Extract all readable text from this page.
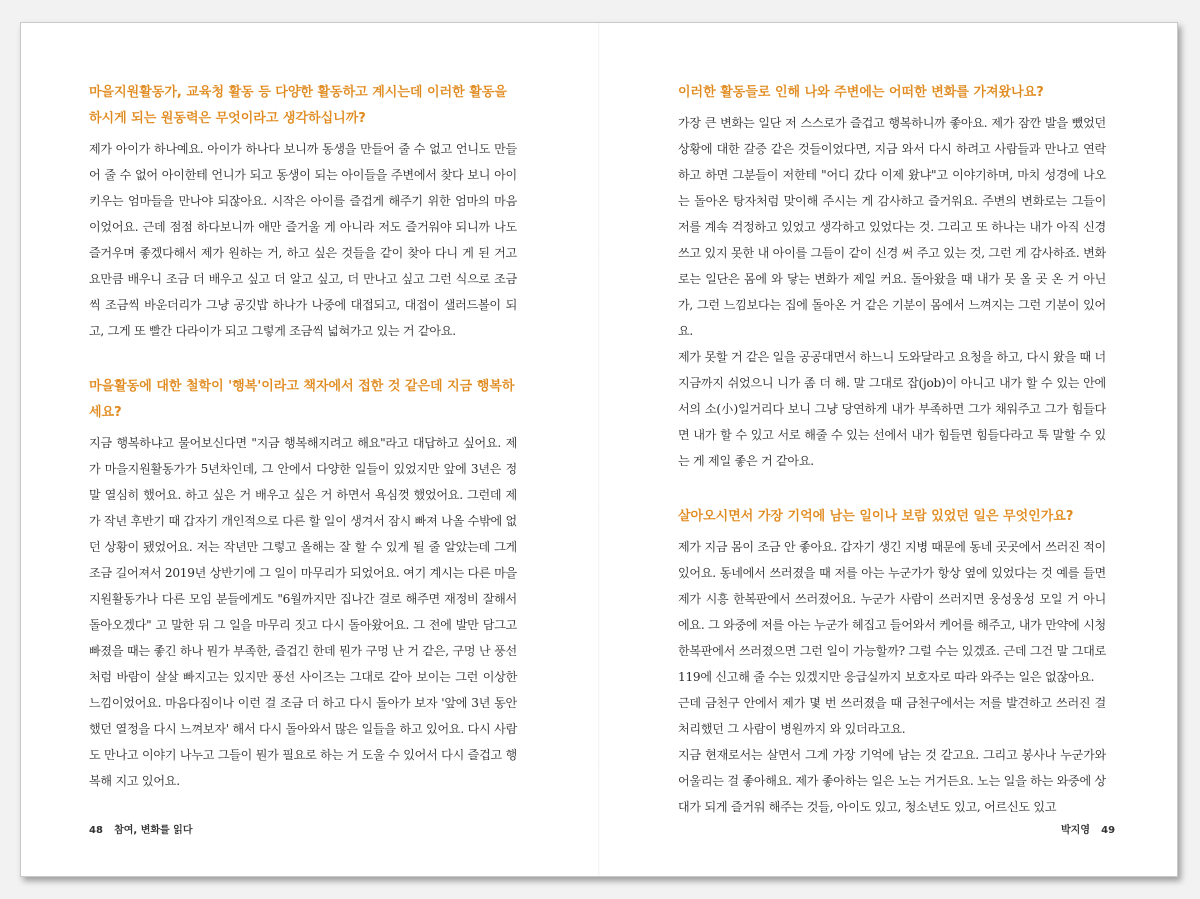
마을지원활동가, 교육청 활동 등 다양한 활동하고 계시는데 이러한 활동을 하시게 되는 원동력은 무엇이라고 생각하십니까?

제가 아이가 하나예요. 아이가 하나다 보니까 동생을 만들어 줄 수 없고 언니도 만들어 줄 수 없어 아이한테 언니가 되고 동생이 되는 아이들을 주변에서 찾다 보니 아이 키우는 엄마들을 만나야 되잖아요. 시작은 아이를 즐겁게 해주기 위한 엄마의 마음이었어요. 근데 점점 하다보니까 애만 즐거울 게 아니라 저도 즐거워야 되니까 나도 즐거우며 좋겠다해서 제가 원하는 거, 하고 싶은 것들을 같이 찾아 다니 게 된 거고 요만큼 배우니 조금 더 배우고 싶고 더 알고 싶고, 더 만나고 싶고 그런 식으로 조금씩 조금씩 바운더리가 그냥 공깃밥 하나가 나중에 대접되고, 대접이 샐러드볼이 되고, 그게 또 빨간 다라이가 되고 그렇게 조금씩 넓혀가고 있는 거 같아요.

마을활동에 대한 철학이 '행복'이라고 책자에서 접한 것 같은데 지금 행복하세요?

지금 행복하냐고 물어보신다면 "지금 행복해지려고 해요"라고 대답하고 싶어요. 제가 마을지원활동가가 5년차인데, 그 안에서 다양한 일들이 있었지만 앞에 3년은 정말 열심히 했어요. 하고 싶은 거 배우고 싶은 거 하면서 욕심껏 했었어요. 그런데 제가 작년 후반기 때 갑자기 개인적으로 다른 할 일이 생겨서 잠시 빠져 나올 수밖에 없던 상황이 됐었어요. 저는 작년만 그렇고 올해는 잘 할 수 있게 될 줄 알았는데 그게 조금 길어져서 2019년 상반기에 그 일이 마무리가 되었어요. 여기 계시는 다른 마을지원활동가나 다른 모임 분들에게도 "6월까지만 집나간 걸로 해주면 재정비 잘해서 돌아오겠다" 고 말한 뒤 그 일을 마무리 짓고 다시 돌아왔어요. 그 전에 발만 담그고 빠졌을 때는 좋긴 하나 뭔가 부족한, 즐겁긴 한데 뭔가 구멍 난 거 같은, 구멍 난 풍선처럼 바람이 살살 빠지고는 있지만 풍선 사이즈는 그대로 같아 보이는 그런 이상한 느낌이었어요. 마음다짐이나 이런 걸 조금 더 하고 다시 돌아가 보자 '앞에 3년 동안 했던 열정을 다시 느껴보자' 해서 다시 돌아와서 많은 일들을 하고 있어요. 다시 사람도 만나고 이야기 나누고 그들이 뭔가 필요로 하는 거 도울 수 있어서 다시 즐겁고 행복해 지고 있어요.

48 참여, 변화를 읽다
이러한 활동들로 인해 나와 주변에는 어떠한 변화를 가져왔나요?

가장 큰 변화는 일단 저 스스로가 즐겁고 행복하니까 좋아요. 제가 잠깐 발을 뺐었던 상황에 대한 갈증 같은 것들이었다면, 지금 와서 다시 하려고 사람들과 만나고 연락하고 하면 그분들이 저한테 "어디 갔다 이제 왔냐"고 이야기하며, 마치 성경에 나오는 돌아온 탕자처럼 맞이해 주시는 게 감사하고 즐거워요. 주변의 변화로는 그들이 저를 계속 걱정하고 있었고 생각하고 있었다는 것. 그리고 또 하나는 내가 아직 신경 쓰고 있지 못한 내 아이를 그들이 같이 신경 써 주고 있는 것, 그런 게 감사하죠. 변화로는 일단은 몸에 와 닿는 변화가 제일 커요. 돌아왔을 때 내가 못 올 곳 온 거 아닌가, 그런 느낌보다는 집에 돌아온 거 같은 기분이 몸에서 느껴지는 그런 기분이 있어요.

제가 못할 거 같은 일을 공공대면서 하느니 도와달라고 요청을 하고, 다시 왔을 때 너 지금까지 쉬었으니 니가 좀 더 해. 말 그대로 잡(job)이 아니고 내가 할 수 있는 안에서의 소(小)일거리다 보니 그냥 당연하게 내가 부족하면 그가 채워주고 그가 힘들다면 내가 할 수 있고 서로 해줄 수 있는 선에서 내가 힘들면 힘들다라고 툭 말할 수 있는 게 제일 좋은 거 같아요.

살아오시면서 가장 기억에 남는 일이나 보람 있었던 일은 무엇인가요?

제가 지금 몸이 조금 안 좋아요. 갑자기 생긴 지병 때문에 동네 곳곳에서 쓰러진 적이 있어요. 동네에서 쓰러졌을 때 저를 아는 누군가가 항상 옆에 있었다는 것 예를 들면 제가 시흥 한복판에서 쓰러졌어요. 누군가 사람이 쓰러지면 웅성웅성 모일 거 아니에요. 그 와중에 저를 아는 누군가 헤집고 들어와서 케어를 해주고, 내가 만약에 시청 한복판에서 쓰러졌으면 그런 일이 가능할까? 그럴 수는 있겠죠. 근데 그건 말 그대로 119에 신고해 줄 수는 있겠지만 응급실까지 보호자로 따라 와주는 일은 없잖아요.

근데 금천구 안에서 제가 몇 번 쓰러졌을 때 금천구에서는 저를 발견하고 쓰러진 걸 처리했던 그 사람이 병원까지 와 있더라고요.

지금 현재로서는 살면서 그게 가장 기억에 남는 것 같고요. 그리고 봉사나 누군가와 어울리는 걸 좋아해요. 제가 좋아하는 일은 노는 거거든요. 노는 일을 하는 와중에 상대가 되게 즐거워 해주는 것들, 아이도 있고, 청소년도 있고, 어르신도 있고

박지영 49
